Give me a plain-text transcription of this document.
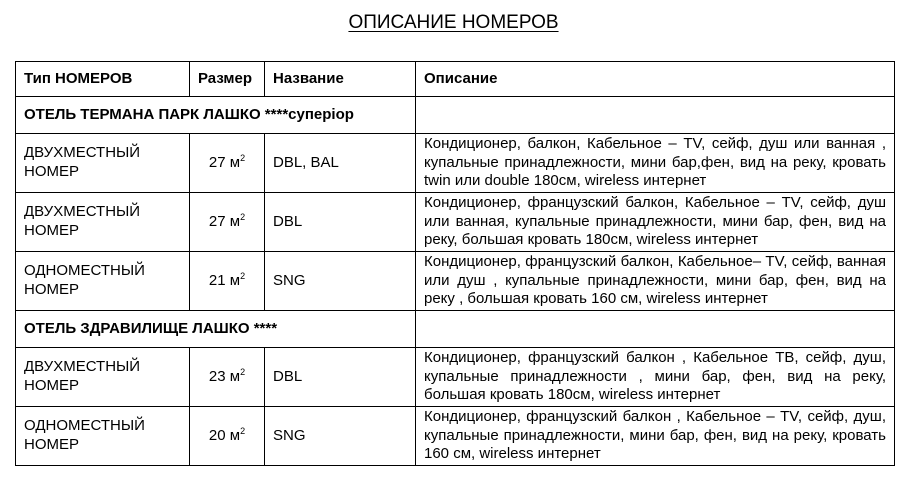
ОПИСАНИЕ НОМЕРОВ
Тип НОМЕРОВ	Размер	Название	Описание
ОТЕЛЬ ТЕРМАНА ПАРК ЛАШКО ****суперіор			
ДВУХМЕСТНЫЙ НОМЕР	27 $м^2$	DBL, BAL	Кондиционер, балкон, Кабельное – TV, сейф, душ или ванная , купальные принадлежности, мини бар,фен, вид на реку, кровать twin или double 180см, wireless интернет
ДВУХМЕСТНЫЙ НОМЕР	27 $м^2$	DBL	Кондиционер, французский балкон, Кабельное – TV, сейф, душ или ванная, купальные принадлежности, мини бар, фен, вид на реку, большая кровать 180см, wireless интернет
ОДНОМЕСТНЫЙ НОМЕР	21 $м^2$	SNG	Кондиционер, французский балкон, Кабельное– TV, сейф, ванная или душ , купальные принадлежности, мини бар, фен, вид на реку , большая кровать 160 см, wireless интернет
ОТЕЛЬ ЗДРАВИЛИЩЕ ЛАШКО ****			
ДВУХМЕСТНЫЙ НОМЕР	23 $м^2$	DBL	Кондиционер, французский балкон , Кабельное ТВ, сейф, душ, купальные принадлежности , мини бар, фен, вид на реку, большая кровать 180cм, wireless интернет
ОДНОМЕСТНЫЙ НОМЕР	20 $м^2$	SNG	Кондиционер, французский балкон , Кабельное – TV, сейф, душ, купальные принадлежности, мини бар, фен, вид на реку, кровать 160 см, wireless интернет
